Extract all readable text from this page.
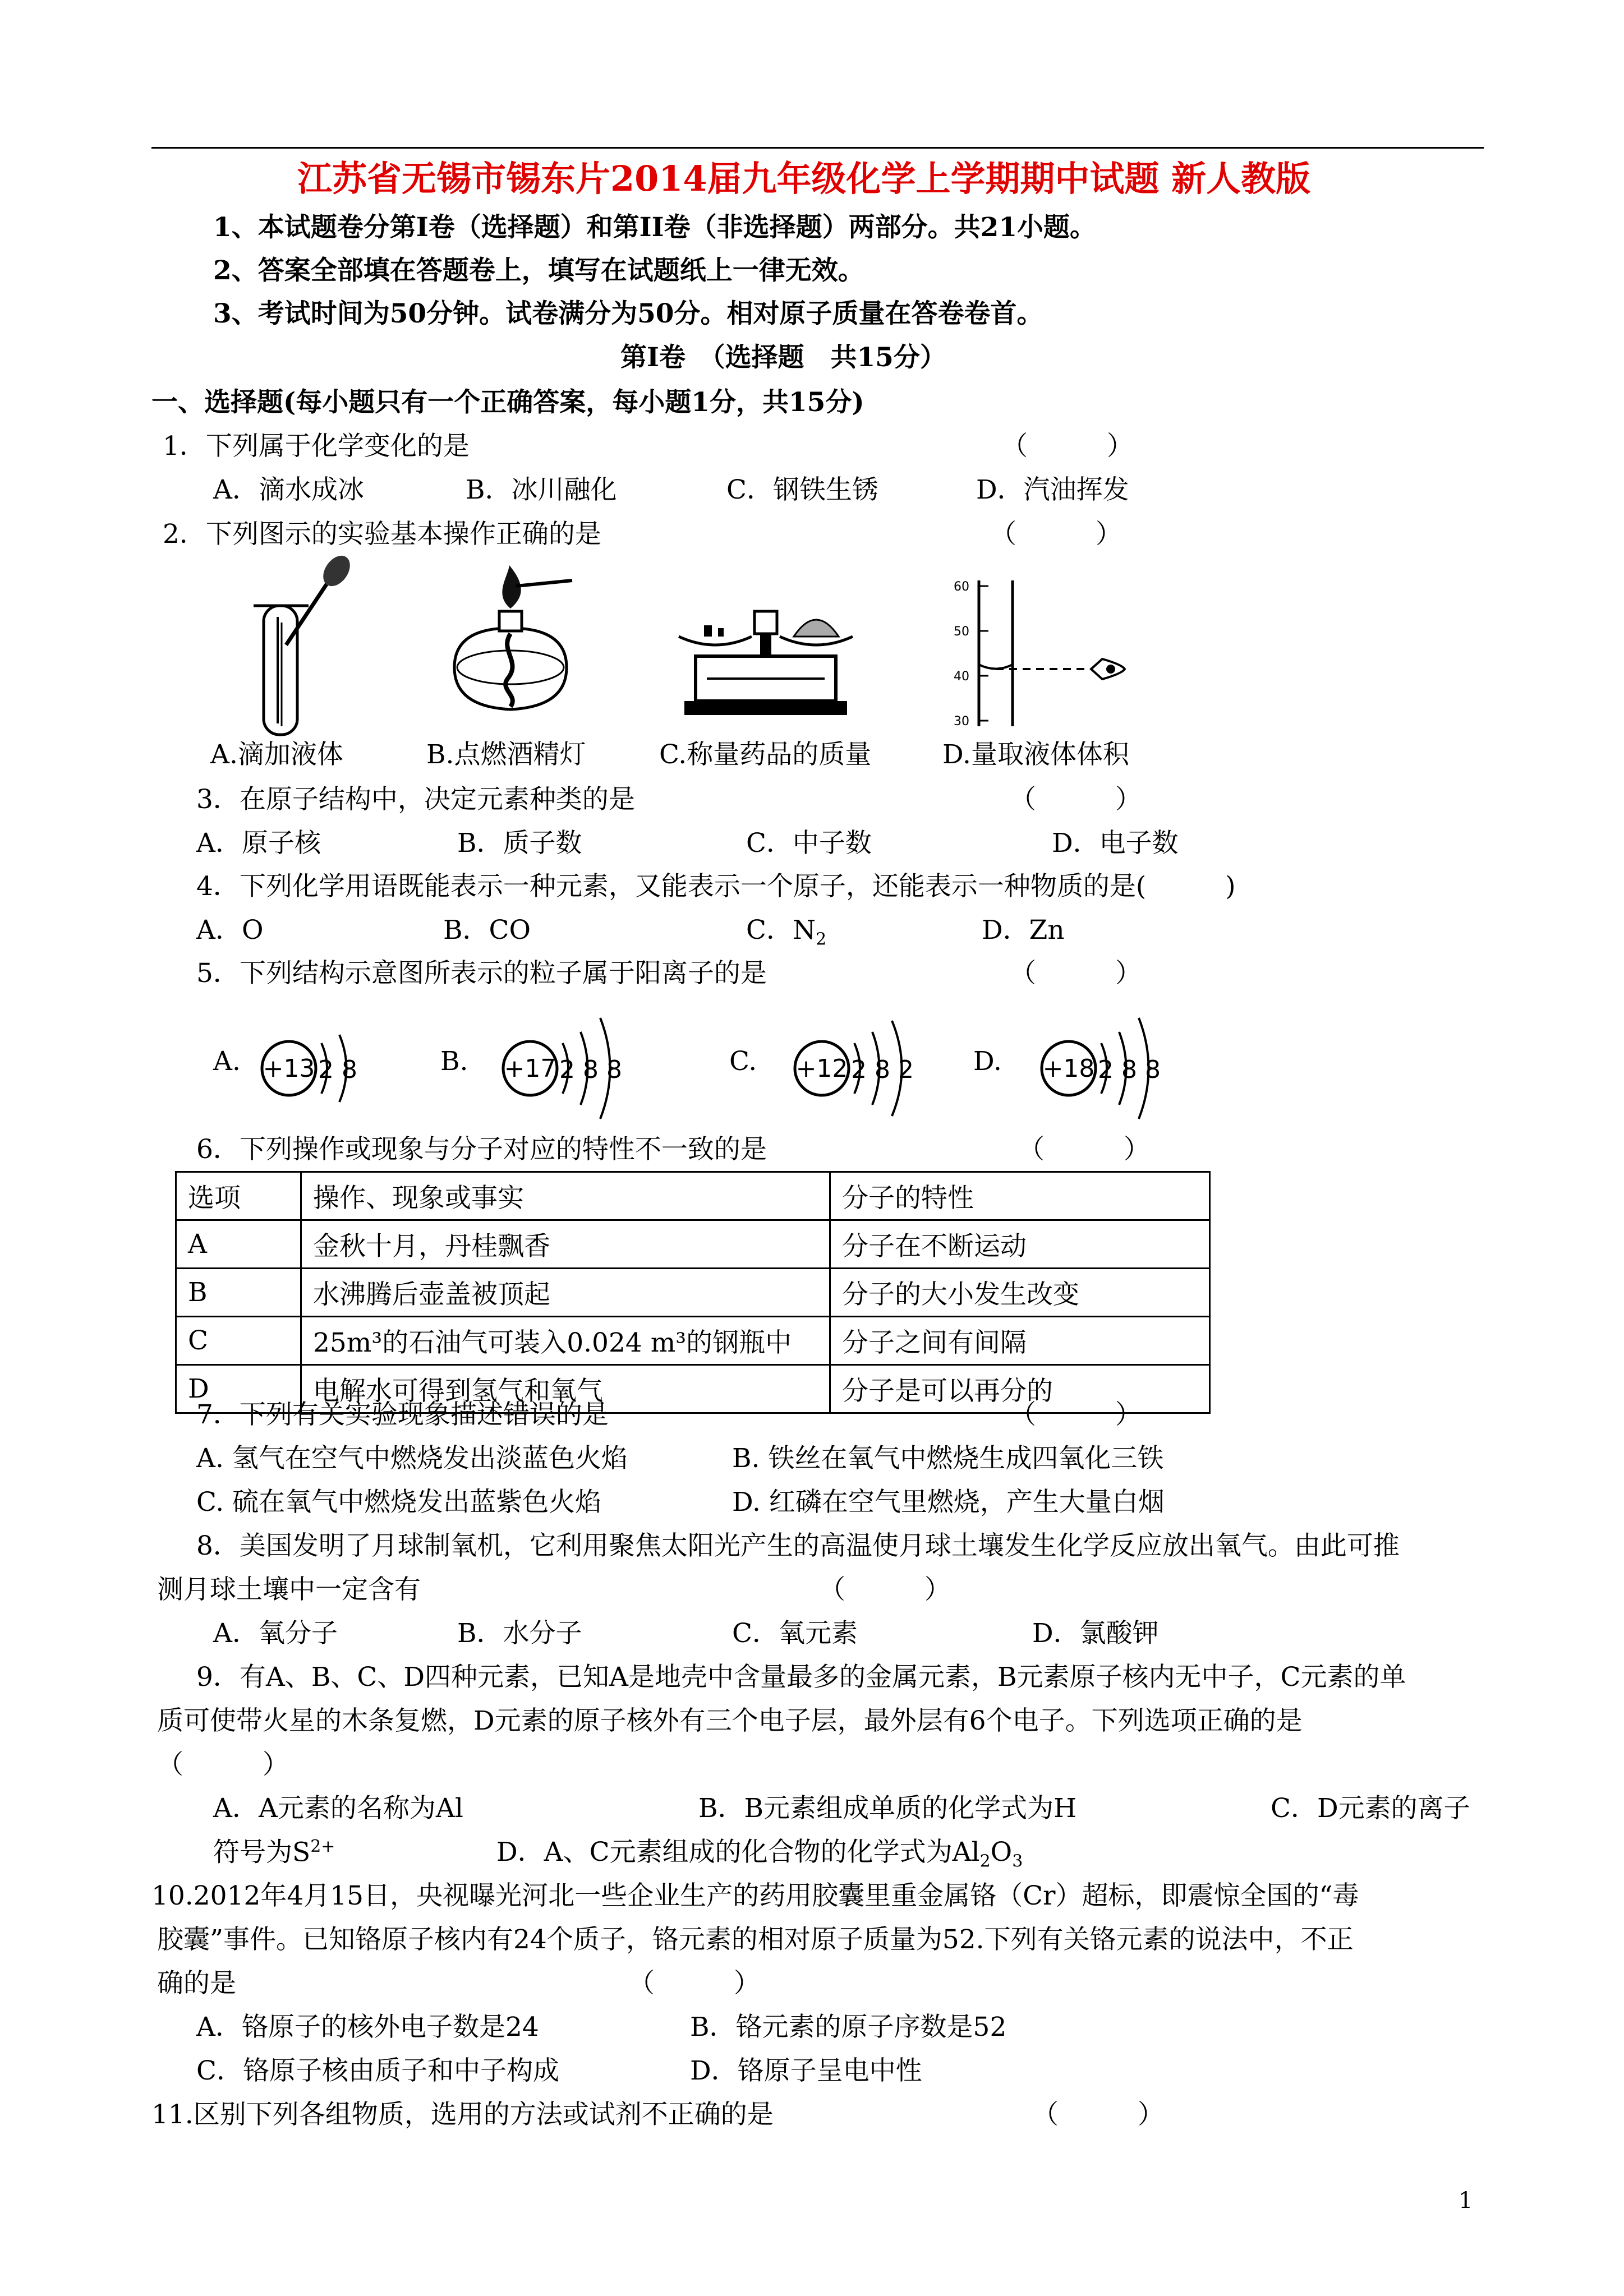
江苏省无锡市锡东片2014届九年级化学上学期期中试题 新人教版
1、本试题卷分第I卷（选择题）和第II卷（非选择题）两部分。共21小题。
2、答案全部填在答题卷上，填写在试题纸上一律无效。
3、考试时间为50分钟。试卷满分为50分。相对原子质量在答卷卷首。
第I卷　（选择题　共15分）
一、选择题(每小题只有一个正确答案，每小题1分，共15分)
1．下列属于化学变化的是	（　　　）
A．滴水成冰	B．冰川融化	C．钢铁生锈	D．汽油挥发
2．下列图示的实验基本操作正确的是	（　　　）
60
50
40
30
A.滴加液体	B.点燃酒精灯	C.称量药品的质量	D.量取液体体积
3．在原子结构中，决定元素种类的是	（　　　）
A．原子核	B．质子数	C．中子数	D．电子数
4．下列化学用语既能表示一种元素，又能表示一个原子，还能表示一种物质的是(　　　)
A．O	B．CO	C．$N_2$	D．Zn
5．下列结构示意图所表示的粒子属于阳离子的是	（　　　）
A. +13 2 8	B. +17 2 8 8	C. +12 2 8 2 D. +18 2 8 8
6．下列操作或现象与分子对应的特性不一致的是	（　　　）
选项	操作、现象或事实	分子的特性
A	金秋十月，丹桂飘香	分子在不断运动
B	水沸腾后壶盖被顶起	分子的大小发生改变
C	25m³的石油气可装入0.024 m³的钢瓶中	分子之间有间隔
D	电解水可得到氢气和氧气	分子是可以再分的
7．下列有关实验现象描述错误的是	（　　　）
A. 氢气在空气中燃烧发出淡蓝色火焰	B. 铁丝在氧气中燃烧生成四氧化三铁
C. 硫在氧气中燃烧发出蓝紫色火焰	D. 红磷在空气里燃烧，产生大量白烟
8．美国发明了月球制氧机，它利用聚焦太阳光产生的高温使月球土壤发生化学反应放出氧气。由此可推
测月球土壤中一定含有	（　　　）
A．氧分子	B．水分子	C．氧元素	D．氯酸钾
9．有A、B、C、D四种元素，已知A是地壳中含量最多的金属元素，B元素原子核内无中子，C元素的单
质可使带火星的木条复燃，D元素的原子核外有三个电子层，最外层有6个电子。下列选项正确的是
（　　　）
A．A元素的名称为Al	B．B元素组成单质的化学式为H	C．D元素的离子
符号为$S^{2+}$	D．A、C元素组成的化合物的化学式为$Al_2O_3$
10.2012年4月15日，央视曝光河北一些企业生产的药用胶囊里重金属铬（Cr）超标，即震惊全国的“毒
胶囊”事件。已知铬原子核内有24个质子，铬元素的相对原子质量为52.下列有关铬元素的说法中，不正
确的是	（　　　）
A．铬原子的核外电子数是24	B．铬元素的原子序数是52
C．铬原子核由质子和中子构成	D．铬原子呈电中性
11.区别下列各组物质，选用的方法或试剂不正确的是	（　　　）
1
